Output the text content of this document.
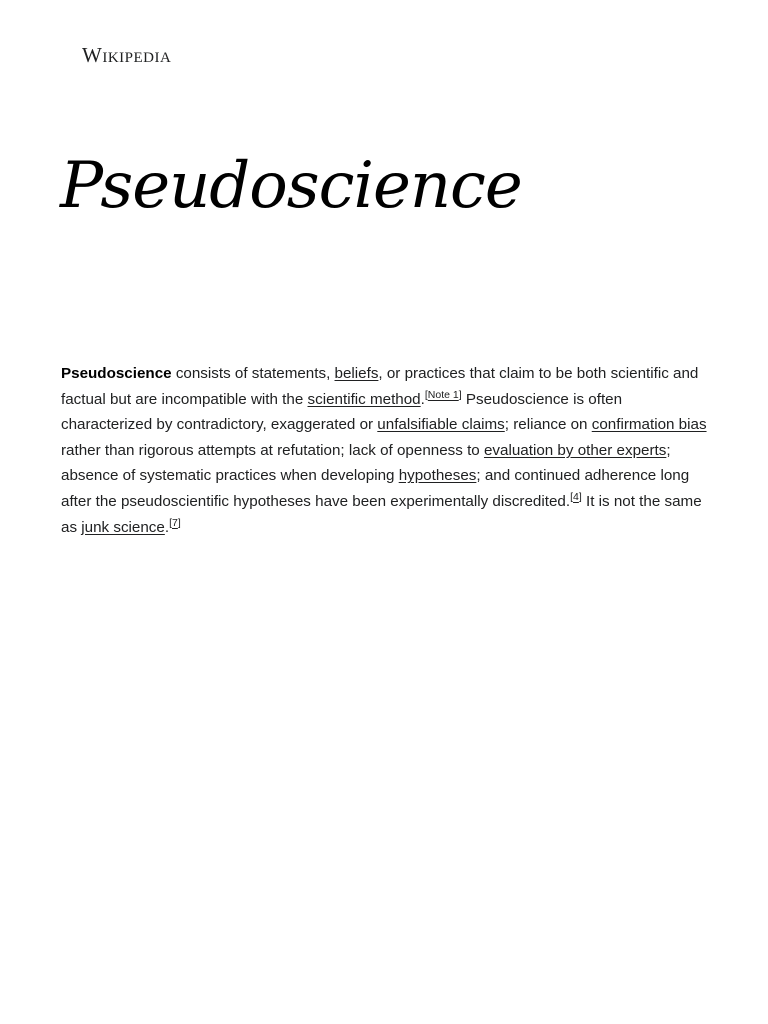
Wikipedia
Pseudoscience

Pseudoscience consists of statements, beliefs, or practices that claim to be both scientific and factual but are incompatible with the scientific method.[Note 1] Pseudoscience is often characterized by contradictory, exaggerated or unfalsifiable claims; reliance on confirmation bias rather than rigorous attempts at refutation; lack of openness to evaluation by other experts; absence of systematic practices when developing hypotheses; and continued adherence long after the pseudoscientific hypotheses have been experimentally discredited.[4] It is not the same as junk science.[7]
